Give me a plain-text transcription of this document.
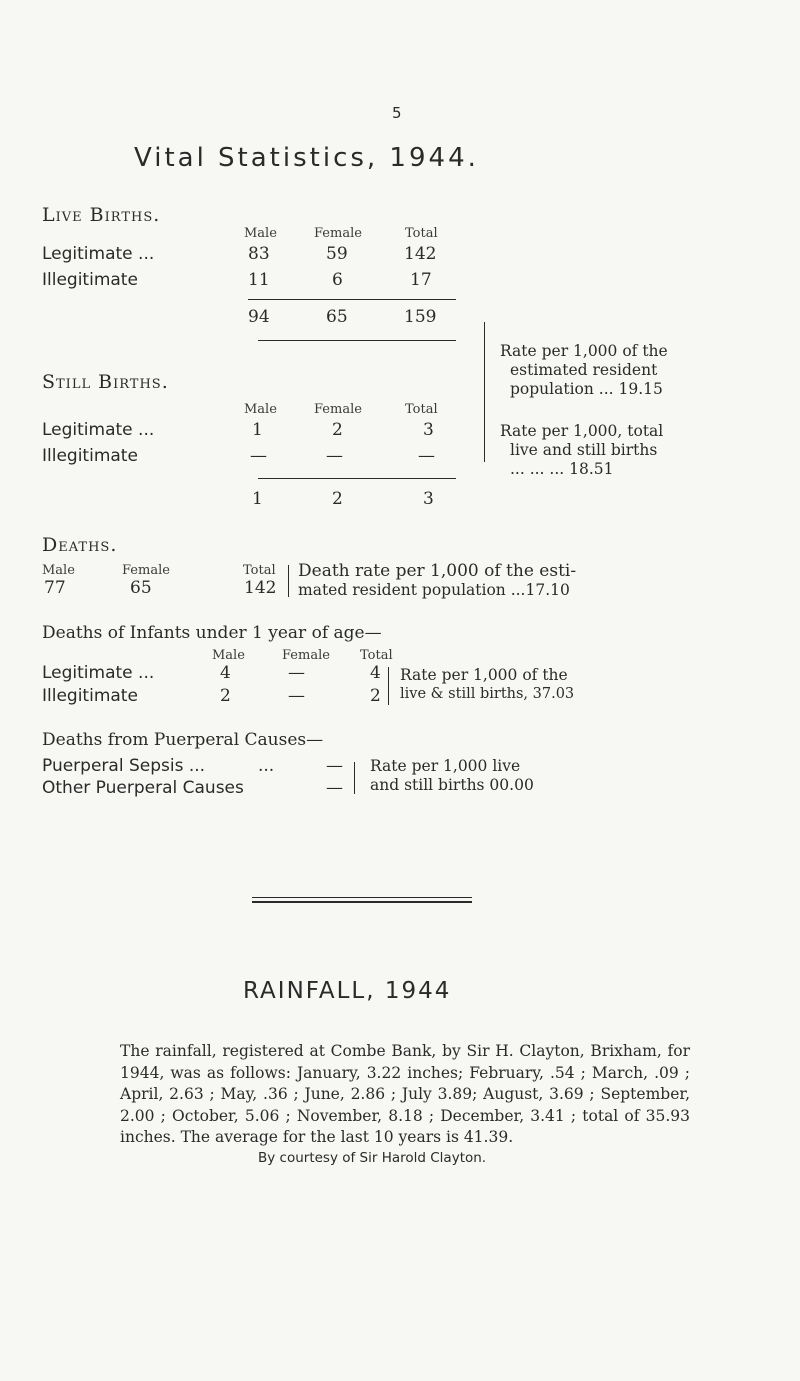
5
Vital Statistics, 1944.
Live Births.
Male	Female	Total
Legitimate ...	83	59	142
Illegitimate	11	6	17
94	65	159
Rate per 1,000 of the
estimated resident
population ... 19.15
Still Births.
Male	Female	Total
Legitimate ...	1	2	3	Rate per 1,000, total
live and still births
... ... ... 18.51
Illegitimate	—	—	—
1	2	3
Deaths.
Male	Female	Total
77	65	142
Death rate per 1,000 of the esti-
mated resident population ...17.10
Deaths of Infants under 1 year of age—
Male	Female Total
Legitimate ...	4	—	4
Illegitimate	2	—	2
Rate per 1,000 of the
live & still births, 37.03
Deaths from Puerperal Causes—
Puerperal Sepsis ...	...	—
Other Puerperal Causes	—
Rate per 1,000 live
and still births 00.00
RAINFALL, 1944
The rainfall, registered at Combe Bank, by Sir H. Clayton, Brixham, for 1944, was as follows: January, 3.22 inches; February, .54 ; March, .09 ; April, 2.63 ; May, .36 ; June, 2.86 ; July 3.89; August, 3.69 ; September, 2.00 ; October, 5.06 ; November, 8.18 ; December, 3.41 ; total of 35.93 inches. The average for the last 10 years is 41.39.
By courtesy of Sir Harold Clayton.
